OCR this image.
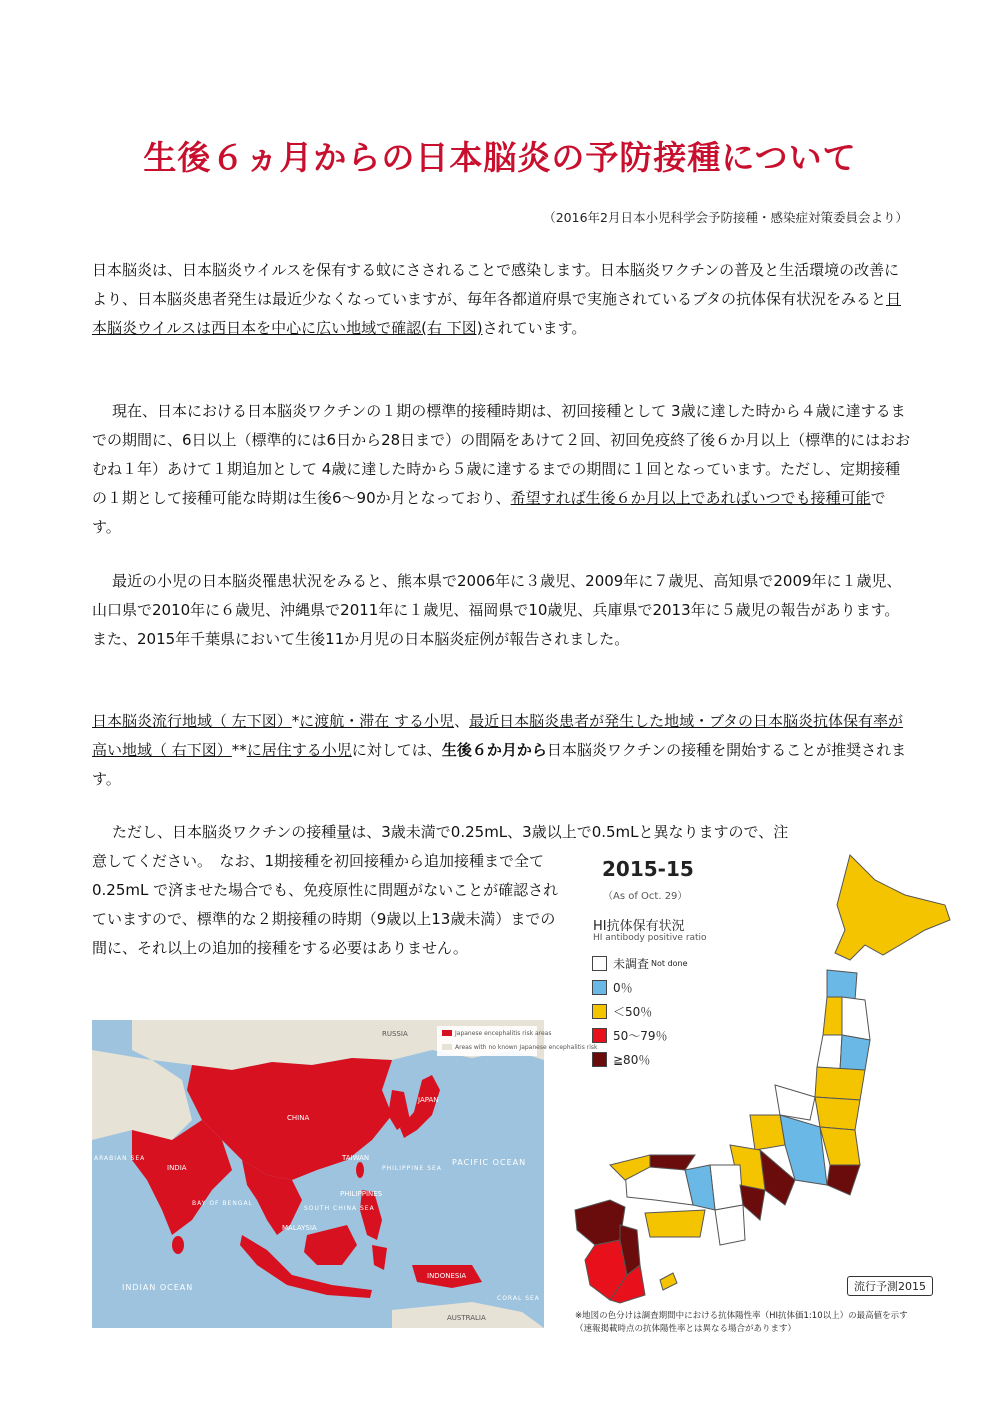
生後６ヵ月からの日本脳炎の予防接種について
（2016年2月日本小児科学会予防接種・感染症対策委員会より）

日本脳炎は、日本脳炎ウイルスを保有する蚊にさされることで感染します。日本脳炎ワクチンの普及と生活環境の改善により、日本脳炎患者発生は最近少なくなっていますが、毎年各都道府県で実施されているブタの抗体保有状況をみると日本脳炎ウイルスは西日本を中心に広い地域で確認(右 下図)されています。

現在、日本における日本脳炎ワクチンの１期の標準的接種時期は、初回接種として 3歳に達した時から４歳に達するまでの期間に、6日以上（標準的には6日から28日まで）の間隔をあけて２回、初回免疫終了後６か月以上（標準的にはおおむね１年）あけて１期追加として 4歳に達した時から５歳に達するまでの期間に１回となっています。ただし、定期接種の１期として接種可能な時期は生後6～90か月となっており、希望すれば生後６か月以上であればいつでも接種可能です。

最近の小児の日本脳炎罹患状況をみると、熊本県で2006年に３歳児、2009年に７歳児、高知県で2009年に１歳児、山口県で2010年に６歳児、沖縄県で2011年に１歳児、福岡県で10歳児、兵庫県で2013年に５歳児の報告があります。また、2015年千葉県において生後11か月児の日本脳炎症例が報告されました。

日本脳炎流行地域（ 左下図）*に渡航・滞在 する小児、最近日本脳炎患者が発生した地域・ブタの日本脳炎抗体保有率が高い地域（ 右下図）**に居住する小児に対しては、生後６か月から日本脳炎ワクチンの接種を開始することが推奨されます。

ただし、日本脳炎ワクチンの接種量は、3歳未満で0.25mL、3歳以上で0.5mLと異なりますので、注

意してください。　なお、1期接種を初回接種から追加接種まで全て0.25mL で済ませた場合でも、免疫原性に問題がないことが確認されていますので、標準的な２期接種の時期（9歳以上13歳未満）までの間に、それ以上の追加的接種をする必要はありません。

Japanese encephalitis risk areas
Areas with no known Japanese encephalitis risk
RUSSIA
CHINA
JAPAN
INDIA
TAIWAN
PHILIPPINES
MALAYSIA
INDONESIA
AUSTRALIA
PACIFIC OCEAN
INDIAN OCEAN
PHILIPPINE SEA
BAY OF BENGAL
ARABIAN SEA
SOUTH CHINA SEA
CORAL SEA
2015-15
（As of Oct. 29）
HI抗体保有状況
HI antibody positive ratio
未調査 Not done
0％
＜50％
50～79％
≧80％
流行予測2015
※地図の色分けは調査期間中における抗体陽性率（HI抗体価1:10以上）の最高値を示す
（速報掲載時点の抗体陽性率とは異なる場合があります）
